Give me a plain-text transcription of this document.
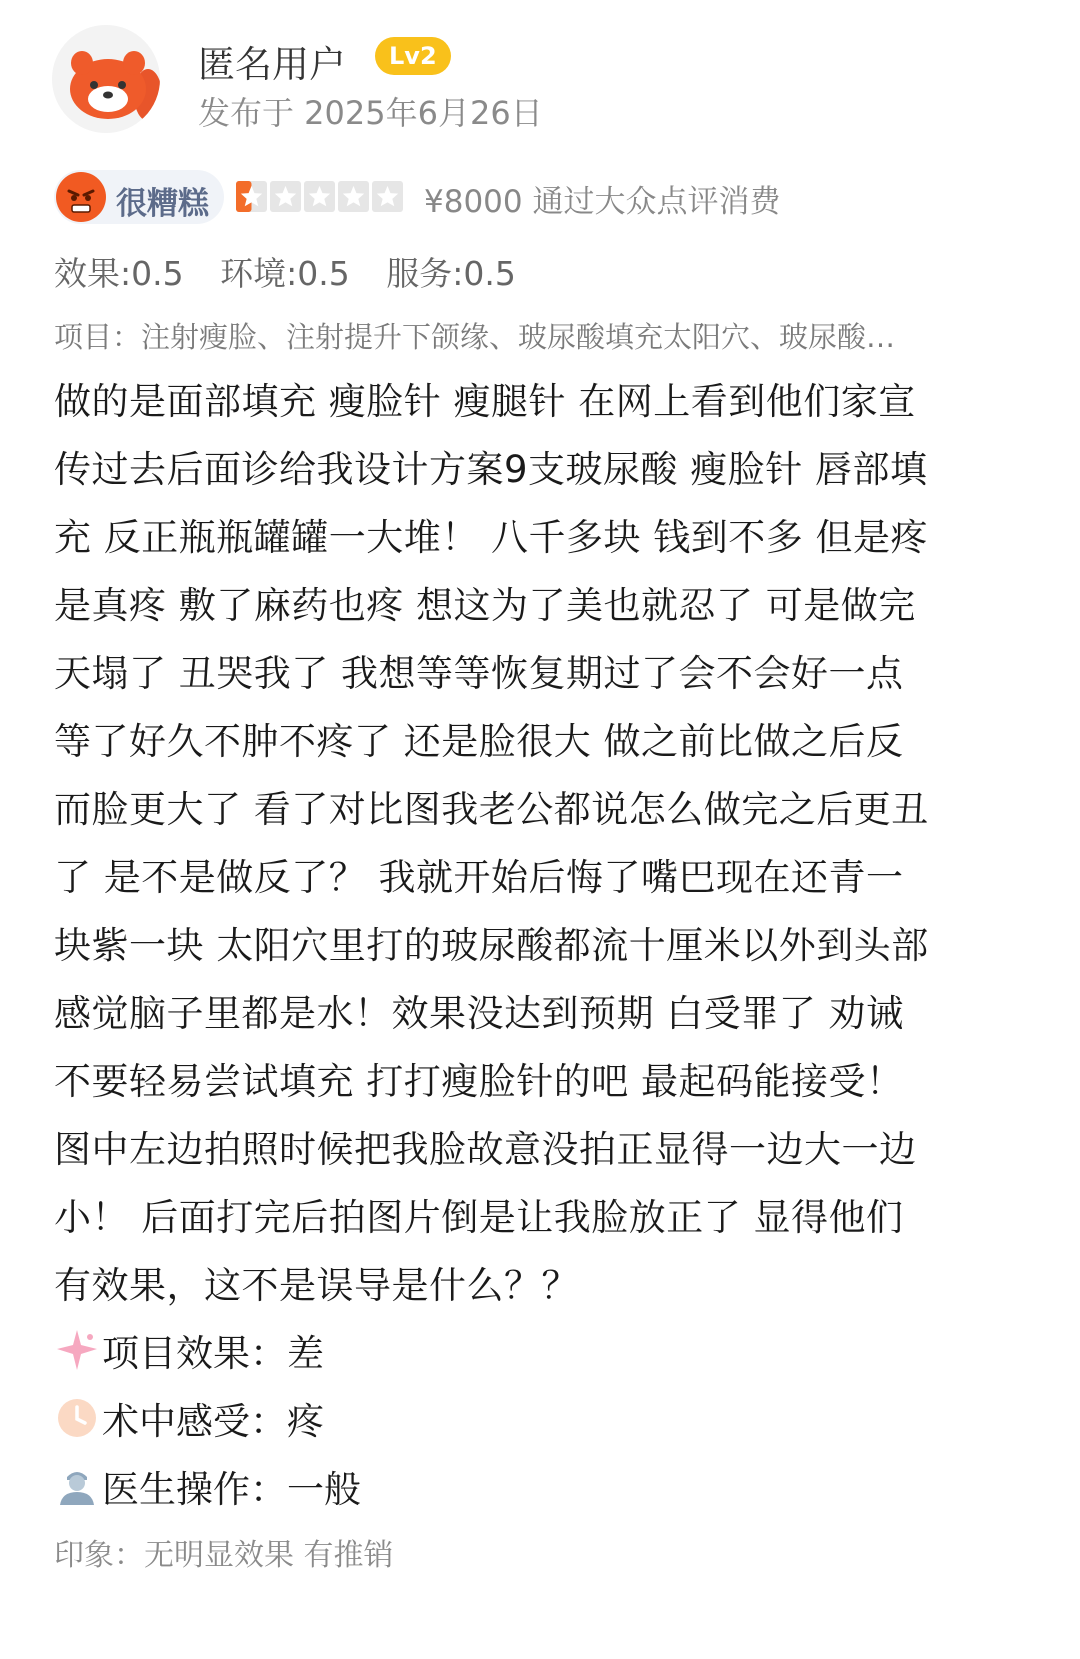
匿名用户	Lv2
发布于 2025年6月26日
很糟糕	¥8000 通过大众点评消费
效果:0.5 环境:0.5 服务:0.5
项目：注射瘦脸、注射提升下颌缘、玻尿酸填充太阳穴、玻尿酸…
做的是面部填充 瘦脸针 瘦腿针 在网上看到他们家宣
传过去后面诊给我设计方案9支玻尿酸 瘦脸针 唇部填
充 反正瓶瓶罐罐一大堆！ 八千多块 钱到不多 但是疼
是真疼 敷了麻药也疼 想这为了美也就忍了 可是做完
天塌了 丑哭我了 我想等等恢复期过了会不会好一点
等了好久不肿不疼了 还是脸很大 做之前比做之后反
而脸更大了 看了对比图我老公都说怎么做完之后更丑
了 是不是做反了？ 我就开始后悔了嘴巴现在还青一
块紫一块 太阳穴里打的玻尿酸都流十厘米以外到头部
感觉脑子里都是水！效果没达到预期 白受罪了 劝诫
不要轻易尝试填充 打打瘦脸针的吧 最起码能接受！
图中左边拍照时候把我脸故意没拍正显得一边大一边
小！ 后面打完后拍图片倒是让我脸放正了 显得他们
有效果，这不是误导是什么？？
项目效果： 差
术中感受： 疼
医生操作： 一般
印象：无明显效果 有推销
